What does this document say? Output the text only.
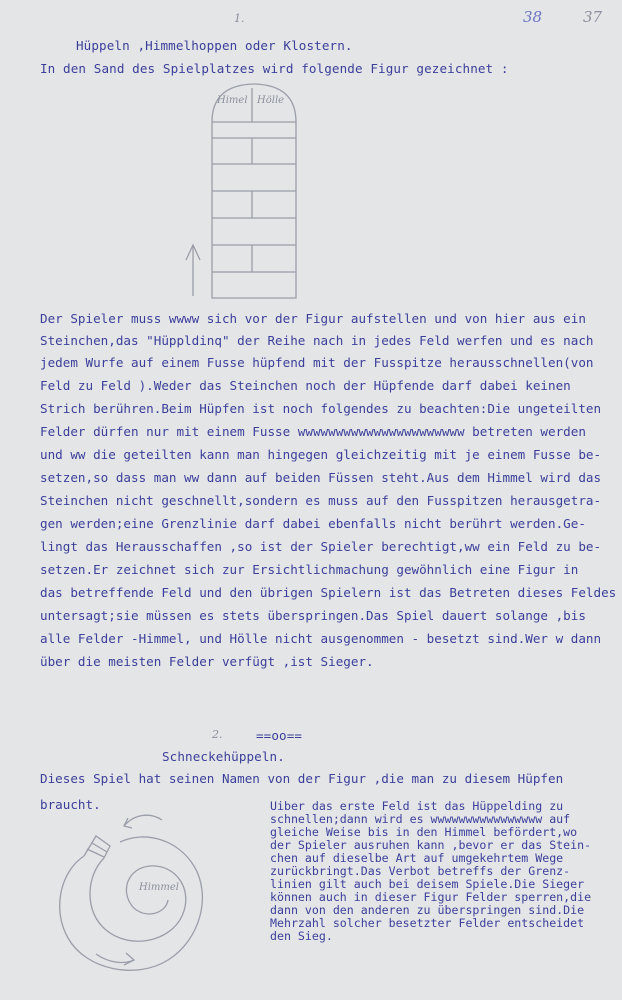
1.	38	37
Hüppeln ,Himmelhoppen oder Klostern.
In den Sand des Spielplatzes wird folgende Figur gezeichnet :
Himel Hölle
Der Spieler muss wwww sich vor der Figur aufstellen und von hier aus ein
Steinchen,das "Hüppldinq" der Reihe nach in jedes Feld werfen und es nach
jedem Wurfe auf einem Fusse hüpfend mit der Fusspitze herausschnellen(von
Feld zu Feld ).Weder das Steinchen noch der Hüpfende darf dabei keinen
Strich berühren.Beim Hüpfen ist noch folgendes zu beachten:Die ungeteilten
Felder dürfen nur mit einem Fusse wwwwwwwwwwwwwwwwwwwwww betreten werden
und ww die geteilten kann man hingegen gleichzeitig mit je einem Fusse be-
setzen,so dass man ww dann auf beiden Füssen steht.Aus dem Himmel wird das
Steinchen nicht geschnellt,sondern es muss auf den Fusspitzen herausgetra-
gen werden;eine Grenzlinie darf dabei ebenfalls nicht berührt werden.Ge-
lingt das Herausschaffen ,so ist der Spieler berechtigt,ww ein Feld zu be-
setzen.Er zeichnet sich zur Ersichtlichmachung gewöhnlich eine Figur in
das betreffende Feld und den übrigen Spielern ist das Betreten dieses Feldes
untersagt;sie müssen es stets überspringen.Das Spiel dauert solange ,bis
alle Felder -Himmel, und Hölle nicht ausgenommen - besetzt sind.Wer w dann
über die meisten Felder verfügt ,ist Sieger.
2.	==oo==
Schneckehüppeln.
Dieses Spiel hat seinen Namen von der Figur ,die man zu diesem Hüpfen
braucht.	Uiber das erste Feld ist das Hüppelding zu
schnellen;dann wird es wwwwwwwwwwwwwwww auf
gleiche Weise bis in den Himmel befördert,wo
der Spieler ausruhen kann ,bevor er das Stein-
chen auf dieselbe Art auf umgekehrtem Wege
zurückbringt.Das Verbot betreffs der Grenz-
linien gilt auch bei deisem Spiele.Die Sieger
können auch in dieser Figur Felder sperren,die
dann von den anderen zu überspringen sind.Die
Mehrzahl solcher besetzter Felder entscheidet
den Sieg.
Himmel
